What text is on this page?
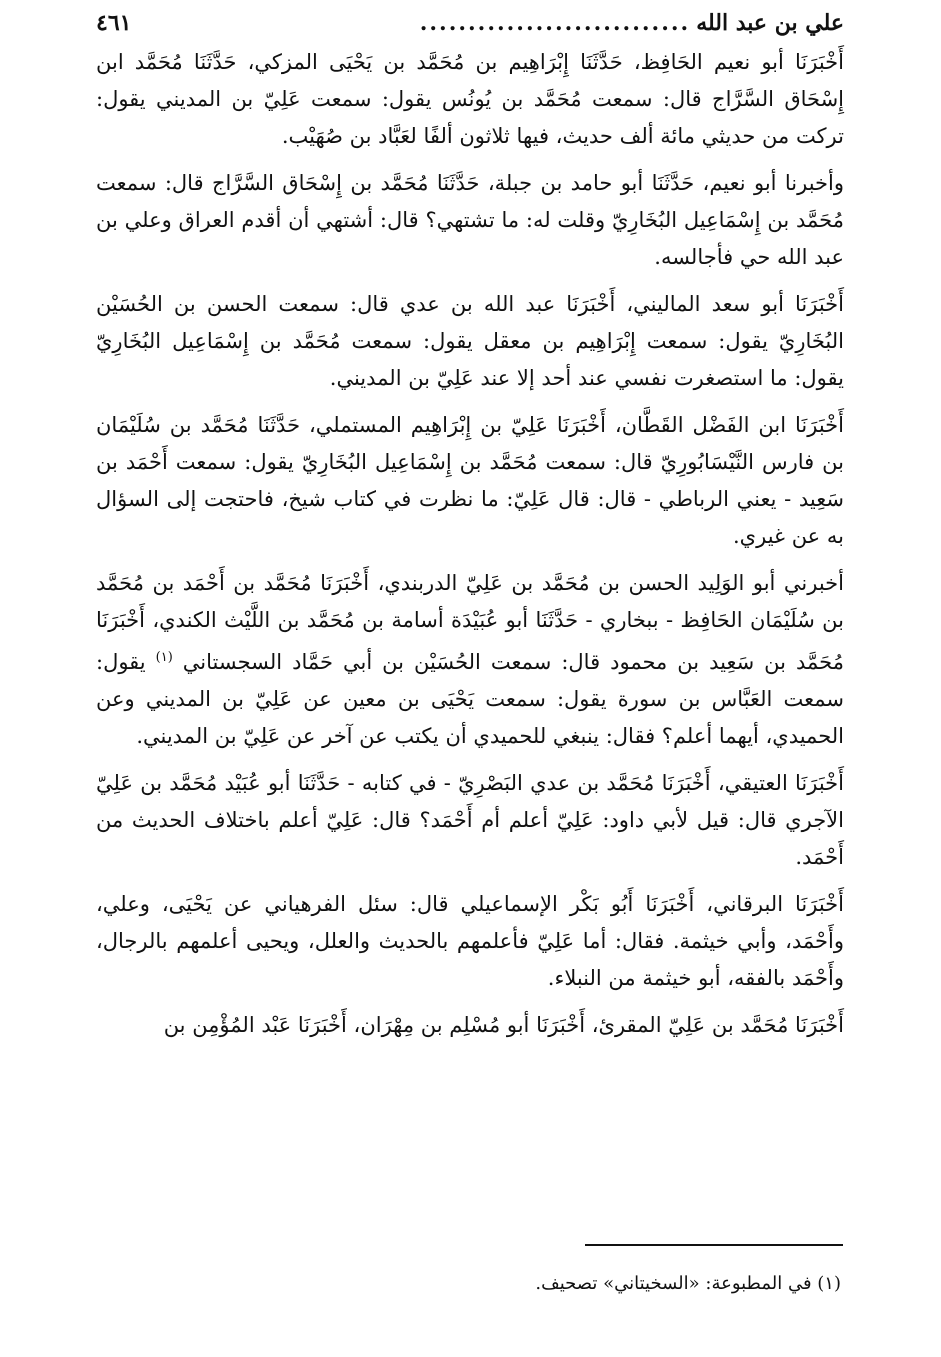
علي بن عبد الله
............................
٤٦١

أَخْبَرَنَا أبو نعيم الحَافِظ، حَدَّثَنَا إِبْرَاهِيم بن مُحَمَّد بن يَحْيَى المزكي، حَدَّثَنَا مُحَمَّد ابن إِسْحَاق السَّرَّاج قال: سمعت مُحَمَّد بن يُونُس يقول: سمعت عَلِيّ بن المديني يقول: تركت من حديثي مائة ألف حديث، فيها ثلاثون ألفًا لعَبَّاد بن صُهَيْب.

وأخبرنا أبو نعيم، حَدَّثَنَا أبو حامد بن جبلة، حَدَّثَنَا مُحَمَّد بن إِسْحَاق السَّرَّاج قال: سمعت مُحَمَّد بن إِسْمَاعِيل البُخَارِيّ وقلت له: ما تشتهي؟ قال: أشتهي أن أقدم العراق وعلي بن عبد الله حي فأجالسه.

أَخْبَرَنَا أبو سعد الماليني، أَخْبَرَنَا عبد الله بن عدي قال: سمعت الحسن بن الحُسَيْن البُخَارِيّ يقول: سمعت إِبْرَاهِيم بن معقل يقول: سمعت مُحَمَّد بن إِسْمَاعِيل البُخَارِيّ يقول: ما استصغرت نفسي عند أحد إلا عند عَلِيّ بن المديني.

أَخْبَرَنَا ابن الفَضْل القَطَّان، أَخْبَرَنَا عَلِيّ بن إِبْرَاهِيم المستملي، حَدَّثَنَا مُحَمَّد بن سُلَيْمَان بن فارس النَّيْسَابُورِيّ قال: سمعت مُحَمَّد بن إِسْمَاعِيل البُخَارِيّ يقول: سمعت أَحْمَد بن سَعِيد - يعني الرباطي - قال: قال عَلِيّ: ما نظرت في كتاب شيخ، فاحتجت إلى السؤال به عن غيري.

أخبرني أبو الوَلِيد الحسن بن مُحَمَّد بن عَلِيّ الدربندي، أَخْبَرَنَا مُحَمَّد بن أَحْمَد بن مُحَمَّد بن سُلَيْمَان الحَافِظ - ببخاري - حَدَّثَنَا أبو عُبَيْدَة أسامة بن مُحَمَّد بن اللَّيْث الكندي، أَخْبَرَنَا مُحَمَّد بن سَعِيد بن محمود قال: سمعت الحُسَيْن بن أبي حَمَّاد السجستاني $^{(١)}$ يقول: سمعت العَبَّاس بن سورة يقول: سمعت يَحْيَى بن معين عن عَلِيّ بن المديني وعن الحميدي، أيهما أعلم؟ فقال: ينبغي للحميدي أن يكتب عن آخر عن عَلِيّ بن المديني.

أَخْبَرَنَا العتيقي، أَخْبَرَنَا مُحَمَّد بن عدي البَصْرِيّ - في كتابه - حَدَّثَنَا أبو عُبَيْد مُحَمَّد بن عَلِيّ الآجري قال: قيل لأبي داود: عَلِيّ أعلم أم أَحْمَد؟ قال: عَلِيّ أعلم باختلاف الحديث من أَحْمَد.

أَخْبَرَنَا البرقاني، أَخْبَرَنَا أَبُو بَكْر الإسماعيلي قال: سئل الفرهياني عن يَحْيَى، وعلي، وأَحْمَد، وأبي خيثمة. فقال: أما عَلِيّ فأعلمهم بالحديث والعلل، ويحيى أعلمهم بالرجال، وأَحْمَد بالفقه، أبو خيثمة من النبلاء.

أَخْبَرَنَا مُحَمَّد بن عَلِيّ المقرئ، أَخْبَرَنَا أبو مُسْلِم بن مِهْرَان، أَخْبَرَنَا عَبْد المُؤْمِن بن

(١) في المطبوعة: «السخيتاني» تصحيف.
